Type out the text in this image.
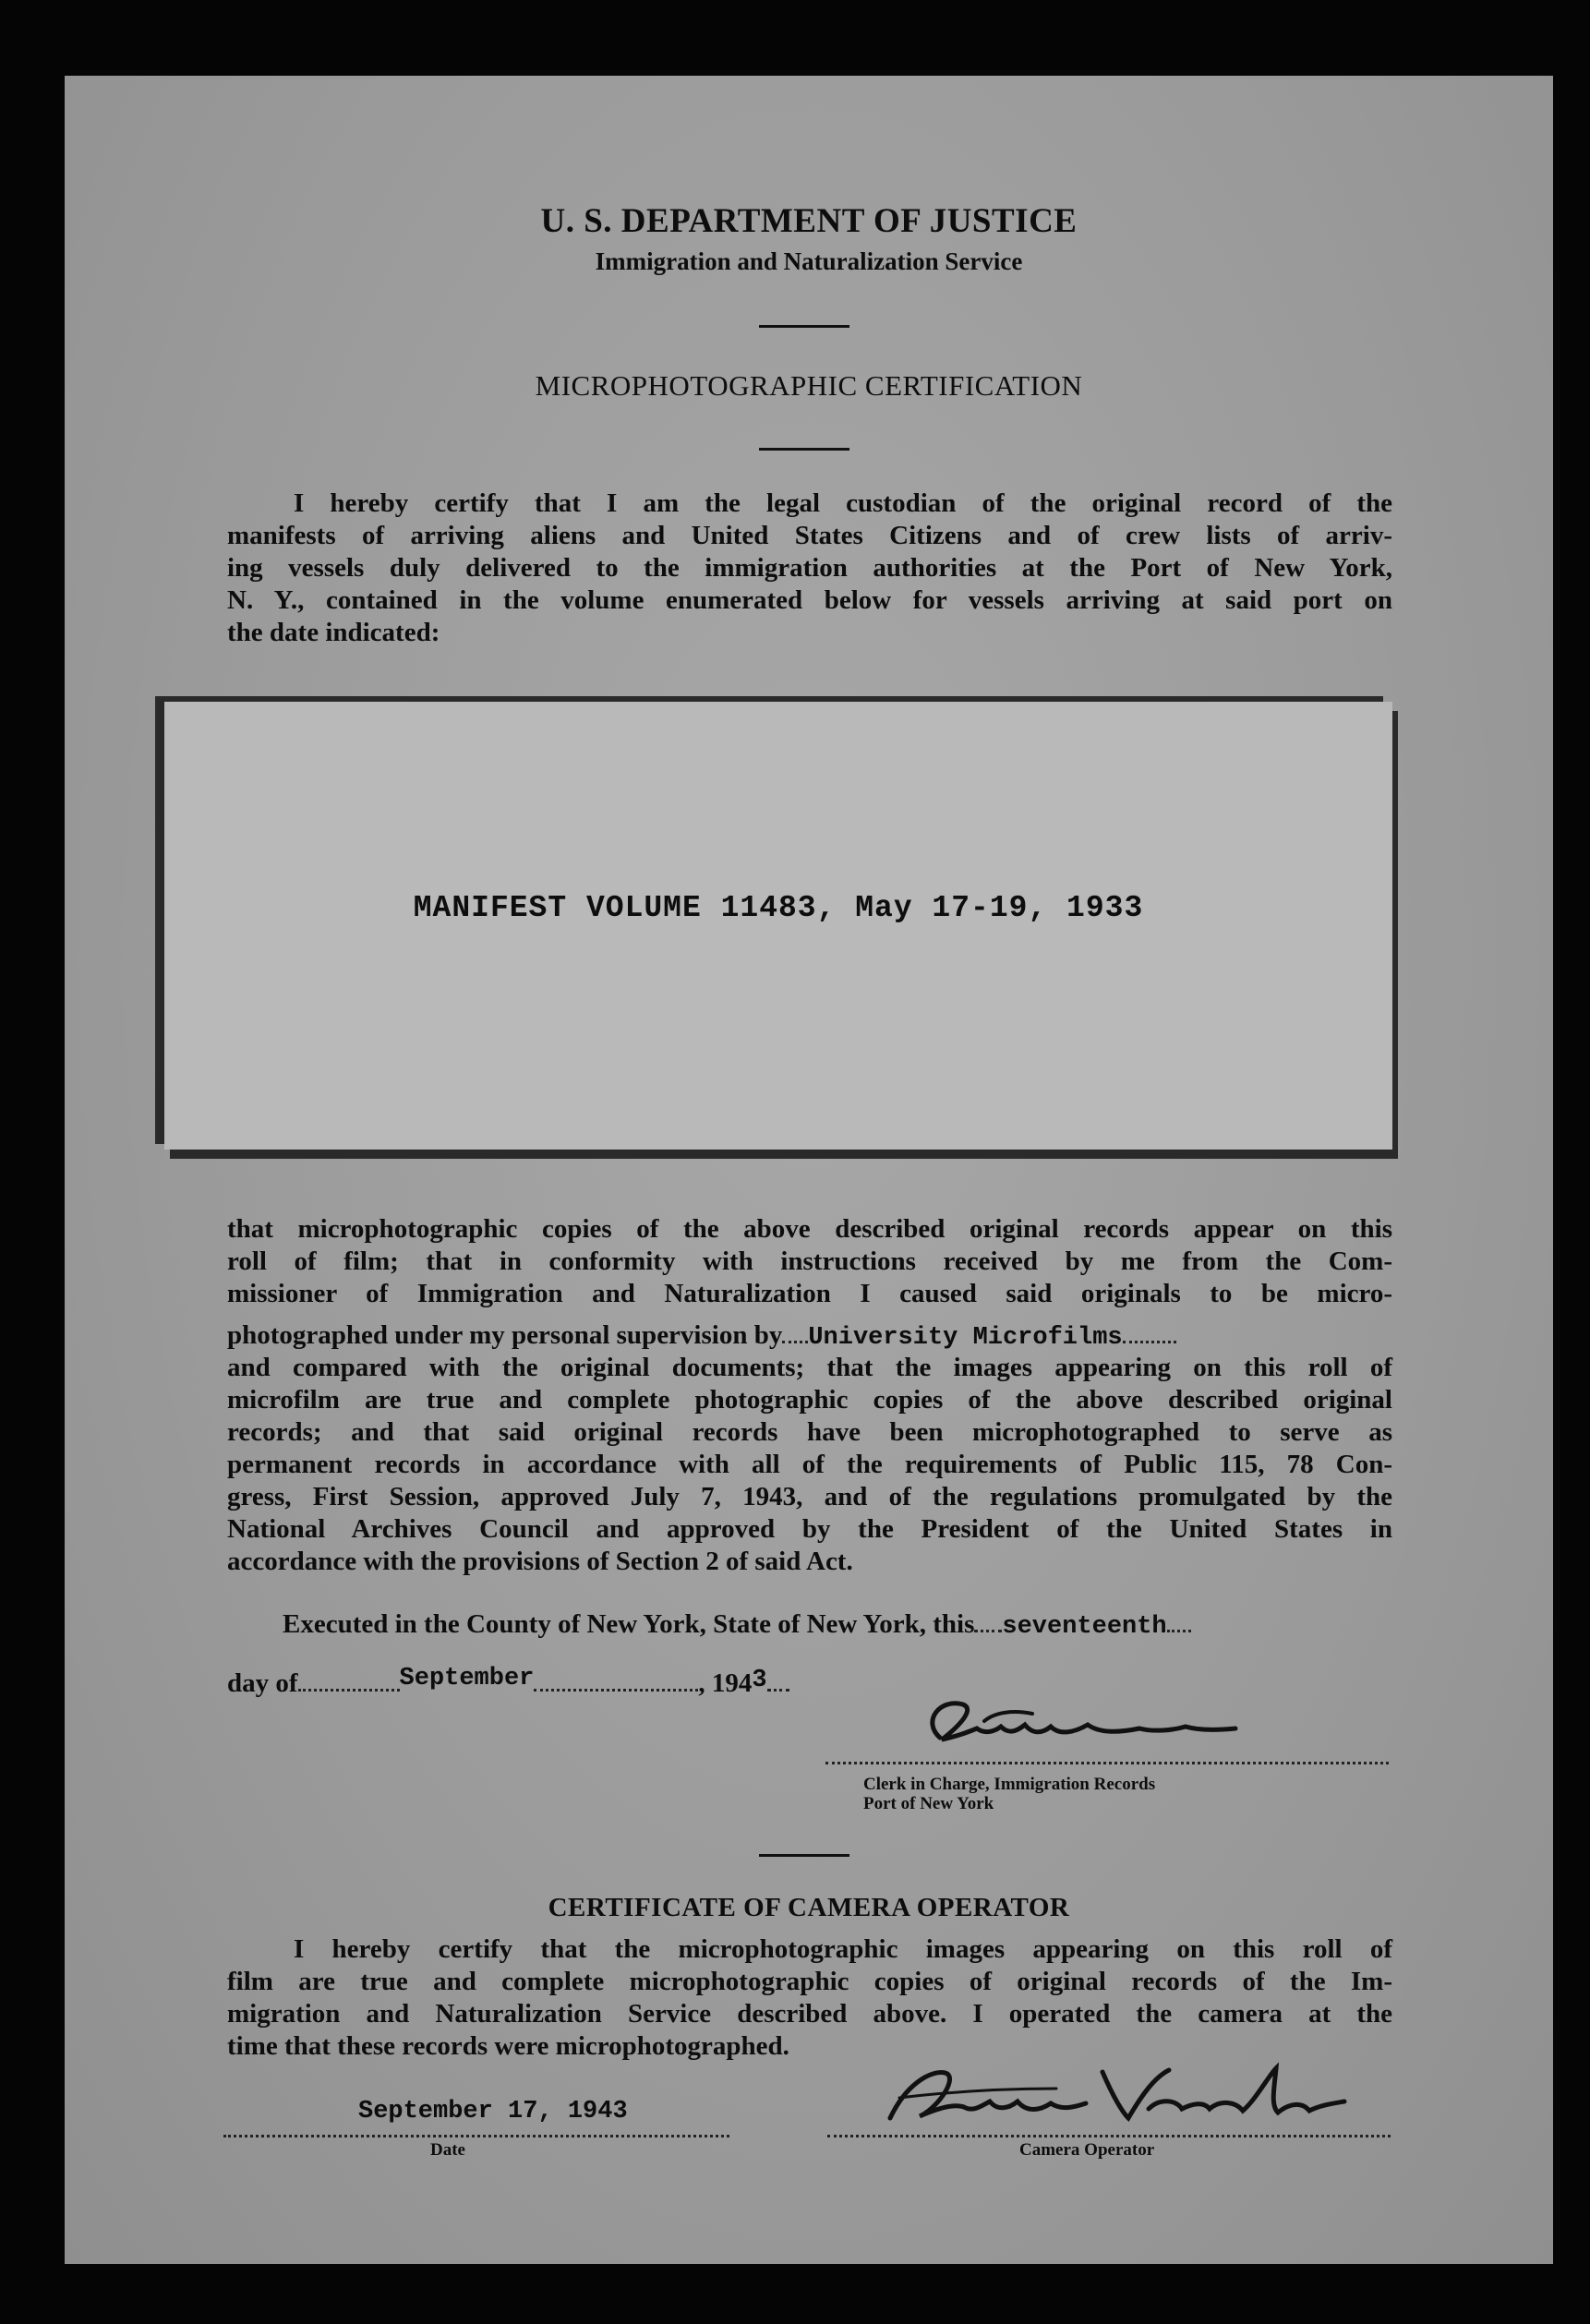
U. S. DEPARTMENT OF JUSTICE
Immigration and Naturalization Service
MICROPHOTOGRAPHIC CERTIFICATION
I hereby certify that I am the legal custodian of the original record of the
manifests of arriving aliens and United States Citizens and of crew lists of arriv-
ing vessels duly delivered to the immigration authorities at the Port of New York,
N. Y., contained in the volume enumerated below for vessels arriving at said port on
the date indicated:
MANIFEST VOLUME 11483, May 17-19, 1933
that microphotographic copies of the above described original records appear on this
roll of film; that in conformity with instructions received by me from the Com-
missioner of Immigration and Naturalization I caused said originals to be micro-
photographed under my personal supervision by University Microfilms
and compared with the original documents; that the images appearing on this roll of
microfilm are true and complete photographic copies of the above described original
records; and that said original records have been microphotographed to serve as
permanent records in accordance with all of the requirements of Public 115, 78 Con-
gress, First Session, approved July 7, 1943, and of the regulations promulgated by the
National Archives Council and approved by the President of the United States in
accordance with the provisions of Section 2 of said Act.
Executed in the County of New York, State of New York, this seventeenth
day of	September	, 1943
Clerk in Charge, Immigration Records
Port of New York
CERTIFICATE OF CAMERA OPERATOR
I hereby certify that the microphotographic images appearing on this roll of
film are true and complete microphotographic copies of original records of the Im-
migration and Naturalization Service described above. I operated the camera at the
time that these records were microphotographed.
September 17, 1943
Date	Camera Operator
